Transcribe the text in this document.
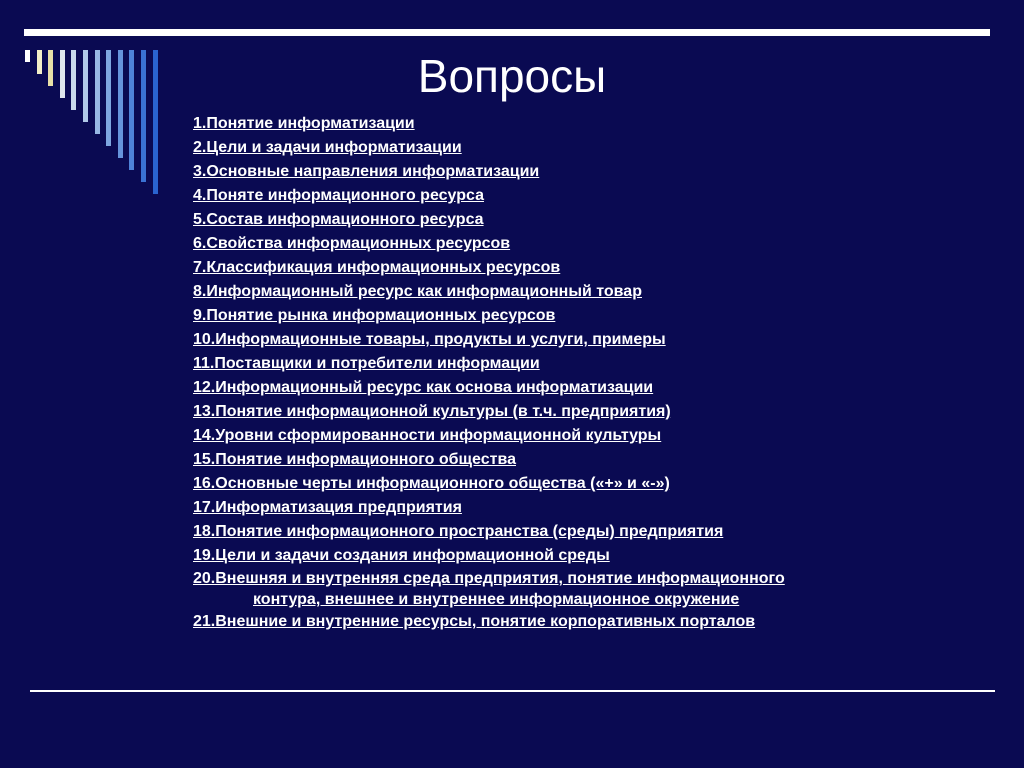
Вопросы
1.Понятие информатизации
2.Цели и задачи информатизации
3.Основные направления информатизации
4.Поняте информационного ресурса
5.Состав информационного ресурса
6.Свойства информационных ресурсов
7.Классификация информационных ресурсов
8.Информационный ресурс как информационный товар
9.Понятие рынка информационных ресурсов
10.Информационные товары, продукты и услуги, примеры
11.Поставщики и потребители информации
12.Информационный ресурс как основа информатизации
13.Понятие информационной культуры (в т.ч. предприятия)
14.Уровни сформированности информационной культуры
15.Понятие информационного общества
16.Основные черты информационного общества («+» и «-»)
17.Информатизация предприятия
18.Понятие информационного пространства (среды) предприятия
19.Цели и задачи создания информационной среды
20.Внешняя и внутренняя среда предприятия, понятие информационного
контура, внешнее и внутреннее информационное окружение
21.Внешние и внутренние ресурсы, понятие корпоративных порталов
